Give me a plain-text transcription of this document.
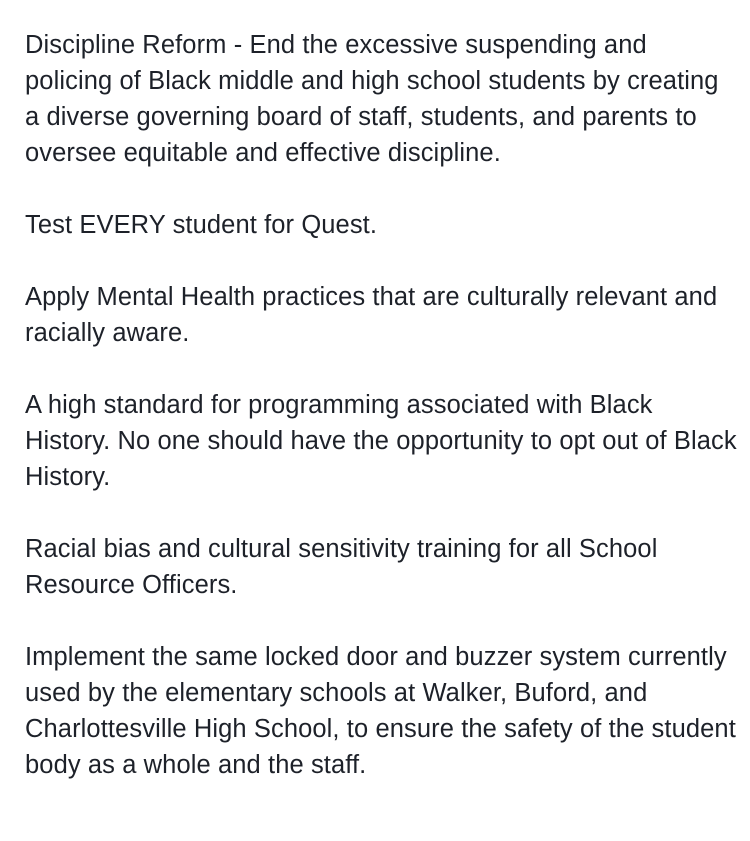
Discipline Reform - End the excessive suspending and policing of Black middle and high school students by creating a diverse governing board of staff, students, and parents to oversee equitable and effective discipline.

Test EVERY student for Quest.

Apply Mental Health practices that are culturally relevant and racially aware.

A high standard for programming associated with Black History. No one should have the opportunity to opt out of Black History.

Racial bias and cultural sensitivity training for all School Resource Officers.

Implement the same locked door and buzzer system currently used by the elementary schools at Walker, Buford, and Charlottesville High School, to ensure the safety of the student body as a whole and the staff.
